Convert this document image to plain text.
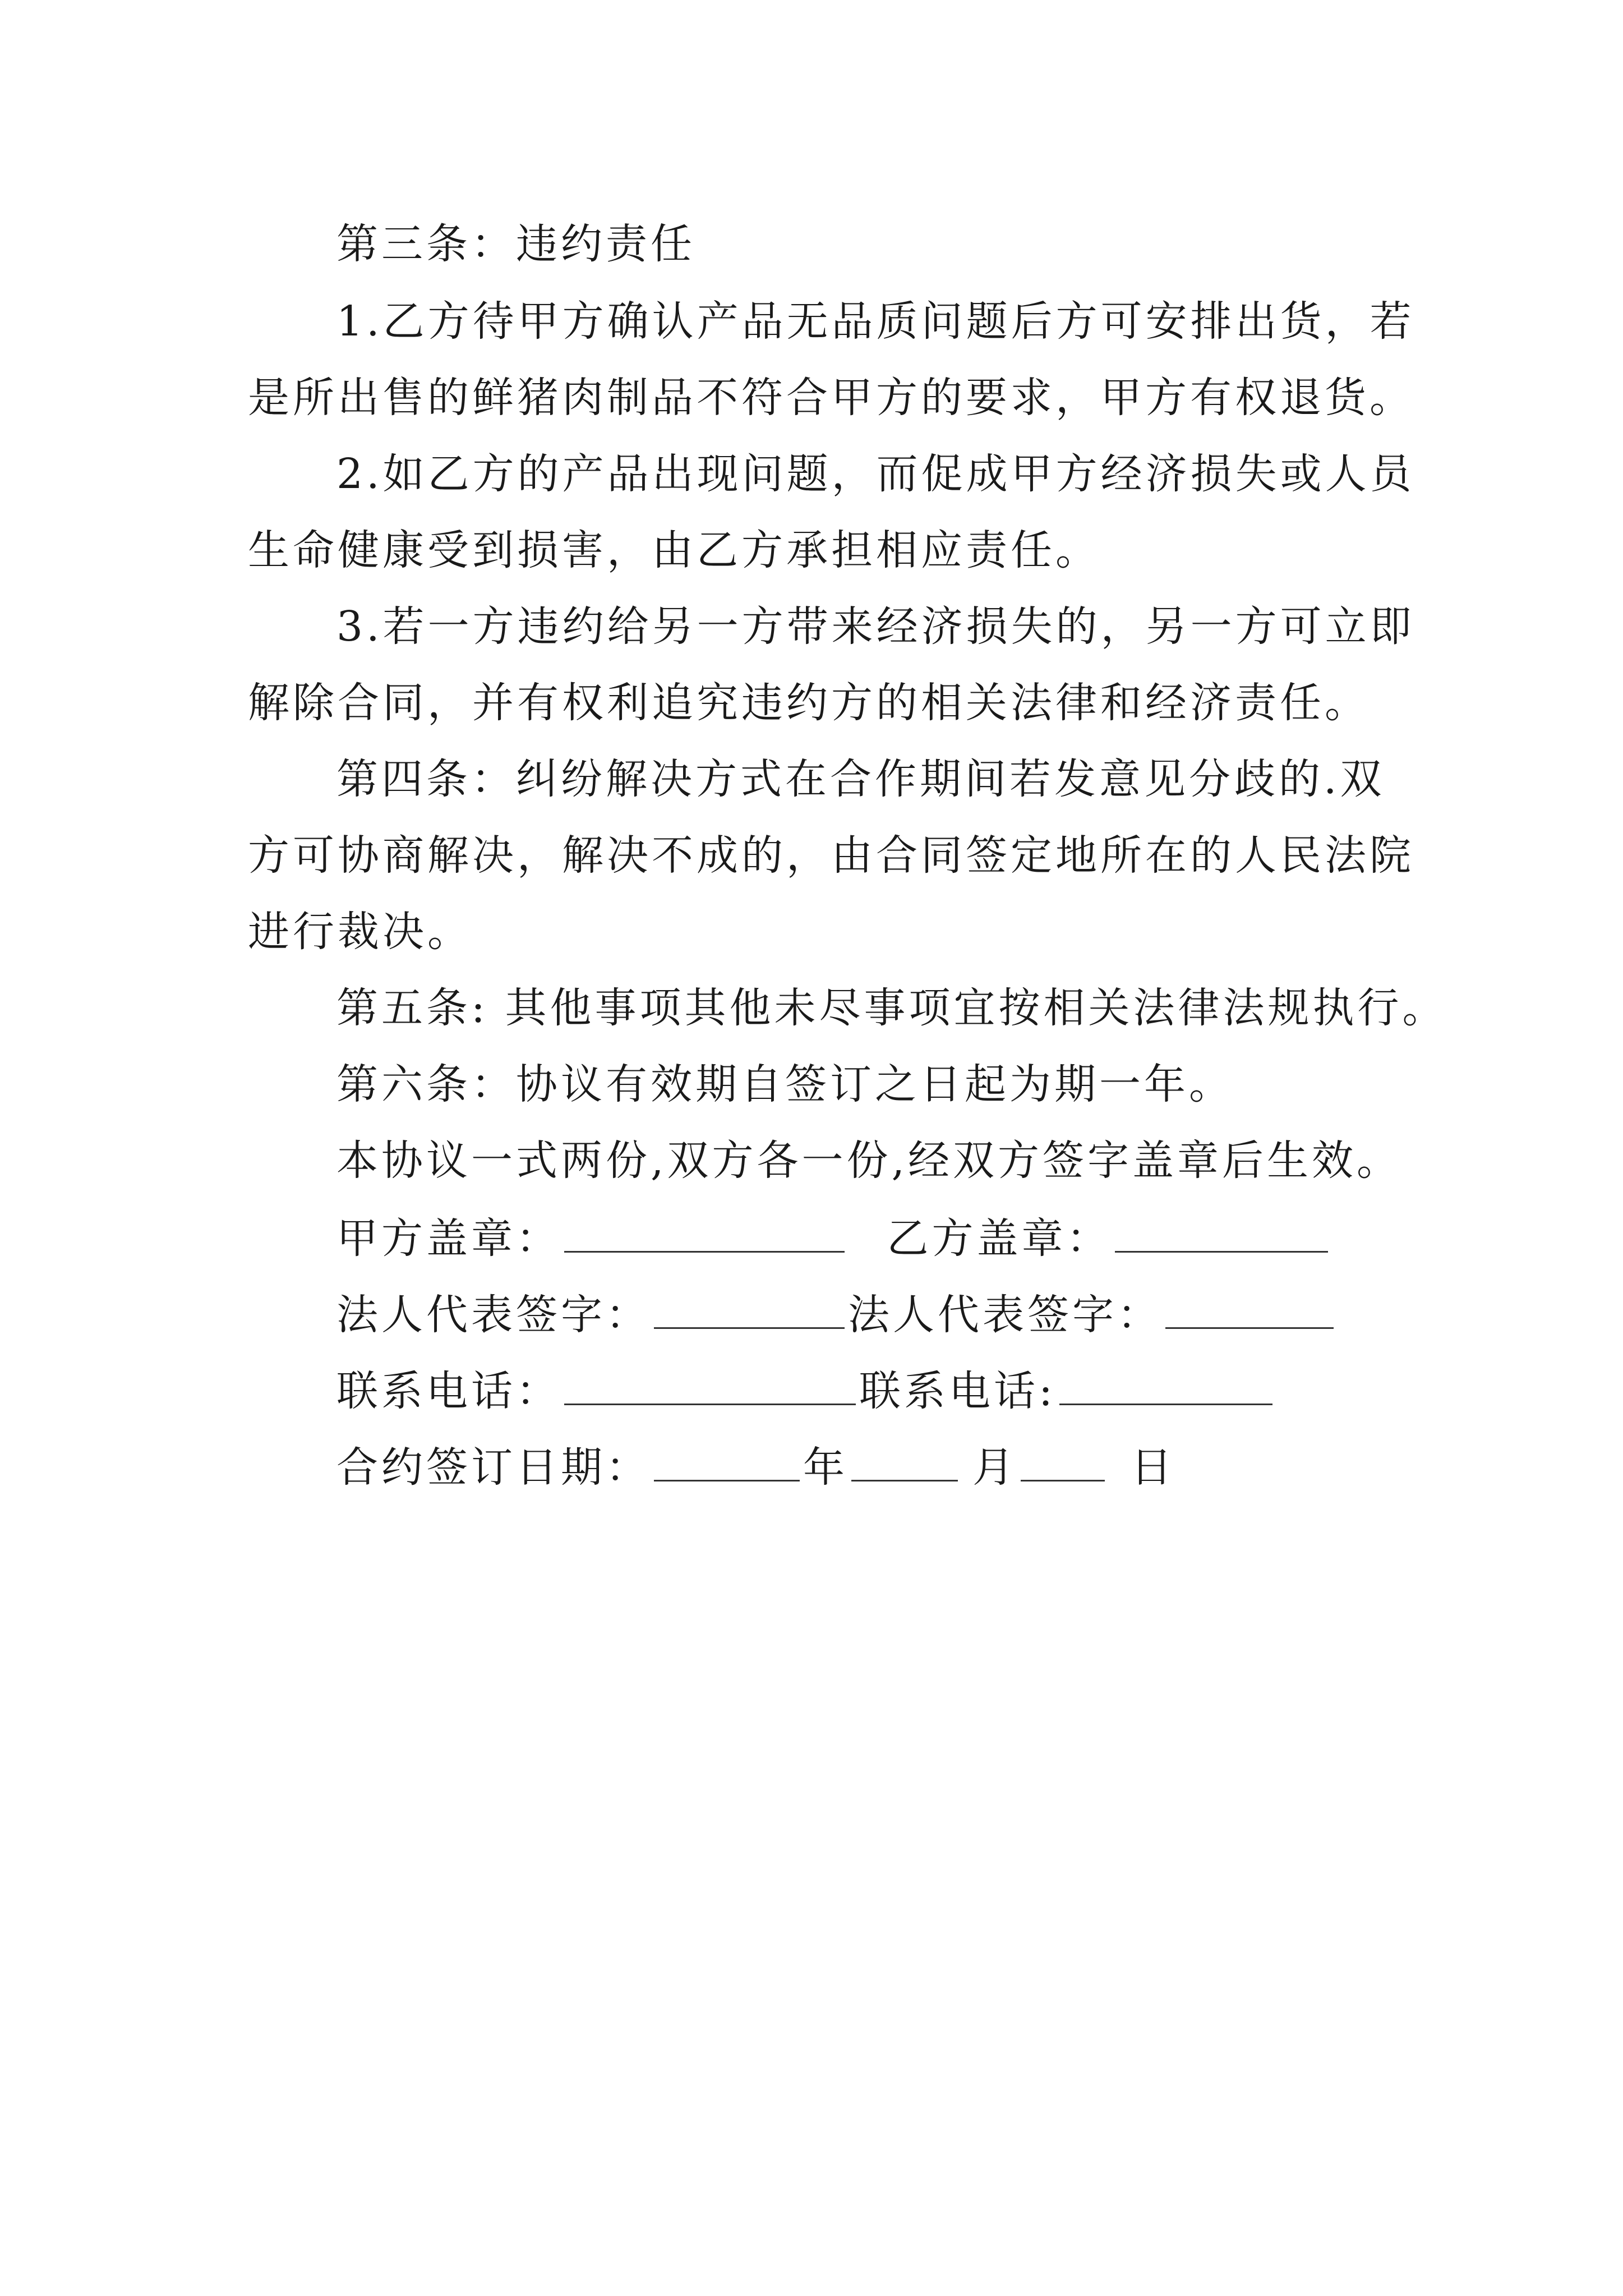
第三条：违约责任
1.乙方待甲方确认产品无品质问题后方可安排出货，若
是所出售的鲜猪肉制品不符合甲方的要求，甲方有权退货。
2.如乙方的产品出现问题，而促成甲方经济损失或人员
生命健康受到损害，由乙方承担相应责任。
3.若一方违约给另一方带来经济损失的，另一方可立即
解除合同，并有权利追究违约方的相关法律和经济责任。
第四条：纠纷解决方式在合作期间若发意见分歧的.双
方可协商解决，解决不成的，由合同签定地所在的人民法院
进行裁决。
第五条: 其他事项其他未尽事项宜按相关法律法规执行。
第六条：协议有效期自签订之日起为期一年。
本协议一式两份,双方各一份,经双方签字盖章后生效。
甲方盖章：	乙方盖章：
法人代表签字：	法人代表签字：
联系电话：	联系电话:
合约签订日期：	年	月	日
